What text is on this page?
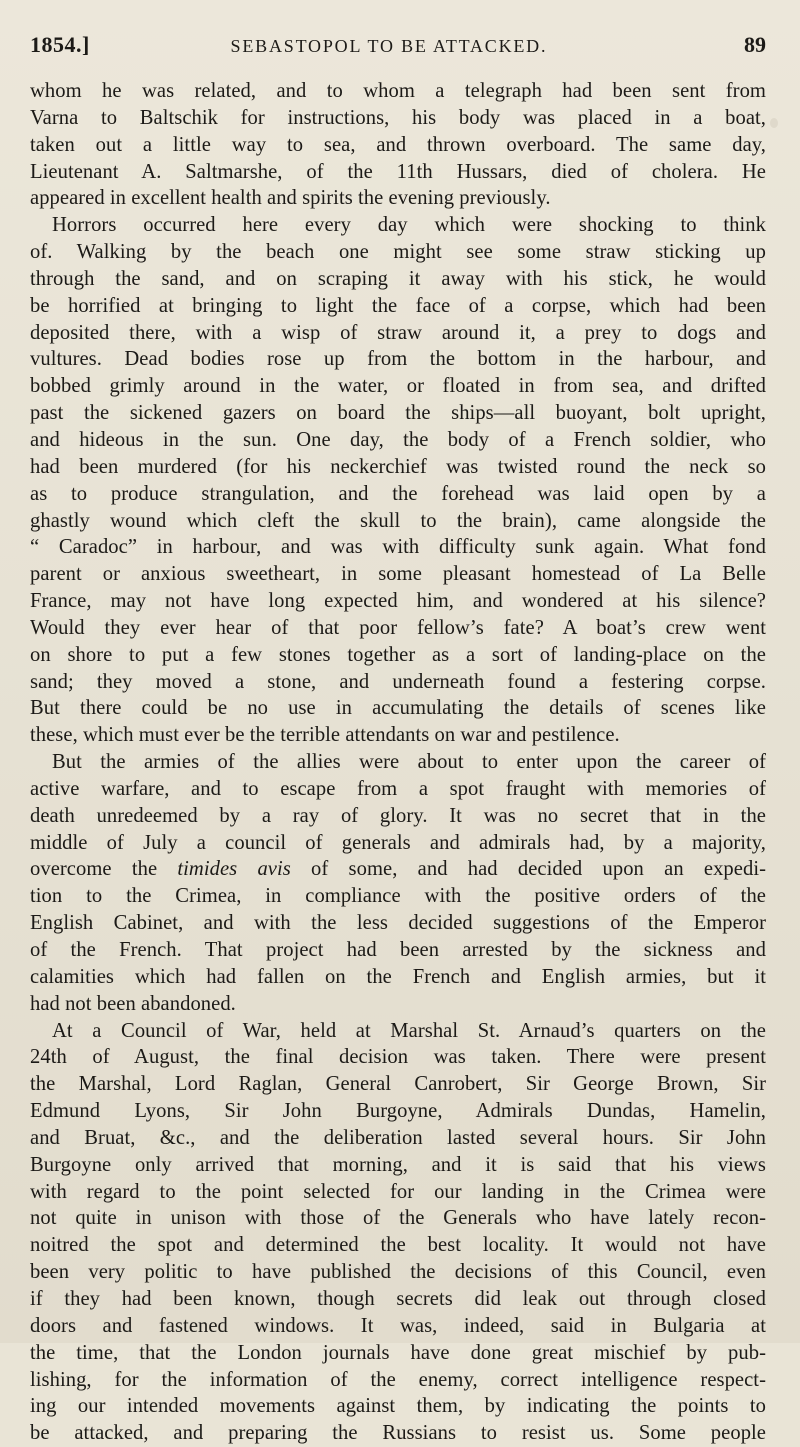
1854.]	SEBASTOPOL TO BE ATTACKED.	89
whom he was related, and to whom a telegraph had been sent from
Varna to Baltschik for instructions, his body was placed in a boat,
taken out a little way to sea, and thrown overboard. The same day,
Lieutenant A. Saltmarshe, of the 11th Hussars, died of cholera. He
appeared in excellent health and spirits the evening previously.
Horrors occurred here every day which were shocking to think
of. Walking by the beach one might see some straw sticking up
through the sand, and on scraping it away with his stick, he would
be horrified at bringing to light the face of a corpse, which had been
deposited there, with a wisp of straw around it, a prey to dogs and
vultures. Dead bodies rose up from the bottom in the harbour, and
bobbed grimly around in the water, or floated in from sea, and drifted
past the sickened gazers on board the ships—all buoyant, bolt upright,
and hideous in the sun. One day, the body of a French soldier, who
had been murdered (for his neckerchief was twisted round the neck so
as to produce strangulation, and the forehead was laid open by a
ghastly wound which cleft the skull to the brain), came alongside the
“ Caradoc” in harbour, and was with difficulty sunk again. What fond
parent or anxious sweetheart, in some pleasant homestead of La Belle
France, may not have long expected him, and wondered at his silence?
Would they ever hear of that poor fellow’s fate? A boat’s crew went
on shore to put a few stones together as a sort of landing-place on the
sand; they moved a stone, and underneath found a festering corpse.
But there could be no use in accumulating the details of scenes like
these, which must ever be the terrible attendants on war and pestilence.
But the armies of the allies were about to enter upon the career of
active warfare, and to escape from a spot fraught with memories of
death unredeemed by a ray of glory. It was no secret that in the
middle of July a council of generals and admirals had, by a majority,
overcome the timides avis of some, and had decided upon an expedi-
tion to the Crimea, in compliance with the positive orders of the
English Cabinet, and with the less decided suggestions of the Emperor
of the French. That project had been arrested by the sickness and
calamities which had fallen on the French and English armies, but it
had not been abandoned.
At a Council of War, held at Marshal St. Arnaud’s quarters on the
24th of August, the final decision was taken. There were present
the Marshal, Lord Raglan, General Canrobert, Sir George Brown, Sir
Edmund Lyons, Sir John Burgoyne, Admirals Dundas, Hamelin,
and Bruat, &c., and the deliberation lasted several hours. Sir John
Burgoyne only arrived that morning, and it is said that his views
with regard to the point selected for our landing in the Crimea were
not quite in unison with those of the Generals who have lately recon-
noitred the spot and determined the best locality. It would not have
been very politic to have published the decisions of this Council, even
if they had been known, though secrets did leak out through closed
doors and fastened windows. It was, indeed, said in Bulgaria at
the time, that the London journals have done great mischief by pub-
lishing, for the information of the enemy, correct intelligence respect-
ing our intended movements against them, by indicating the points to
be attacked, and preparing the Russians to resist us. Some people
